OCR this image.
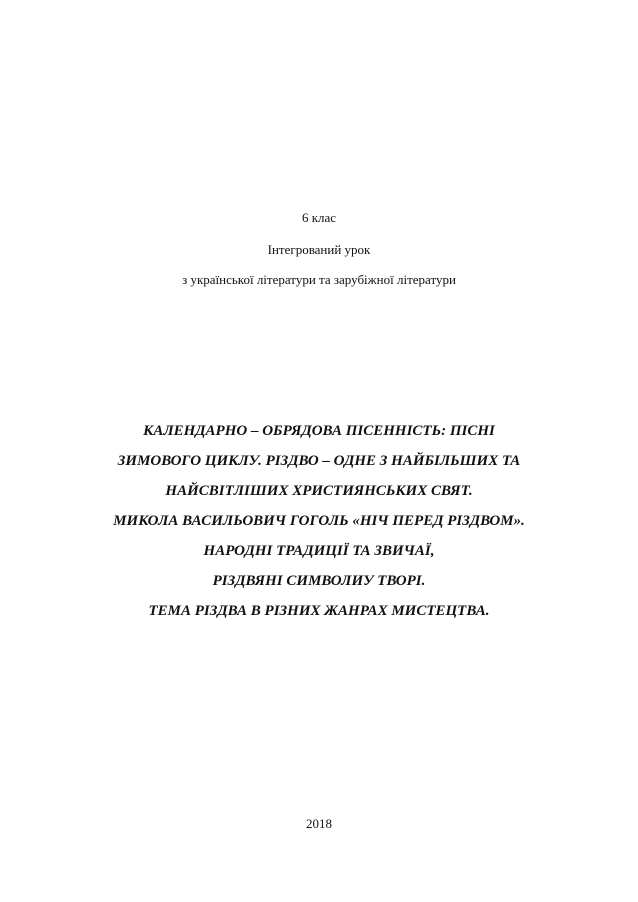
6 клас
Інтегрований урок
з української літератури та зарубіжної літератури
КАЛЕНДАРНО – ОБРЯДОВА ПІСЕННІСТЬ: ПІСНІ
ЗИМОВОГО ЦИКЛУ. РІЗДВО – ОДНЕ З НАЙБІЛЬШИХ ТА
НАЙСВІТЛІШИХ ХРИСТИЯНСЬКИХ СВЯТ.
МИКОЛА ВАСИЛЬОВИЧ ГОГОЛЬ «НІЧ ПЕРЕД РІЗДВОМ».
НАРОДНІ ТРАДИЦІЇ ТА ЗВИЧАЇ,
РІЗДВЯНІ СИМВОЛИУ ТВОРІ.
ТЕМА РІЗДВА В РІЗНИХ ЖАНРАХ МИСТЕЦТВА.
2018
